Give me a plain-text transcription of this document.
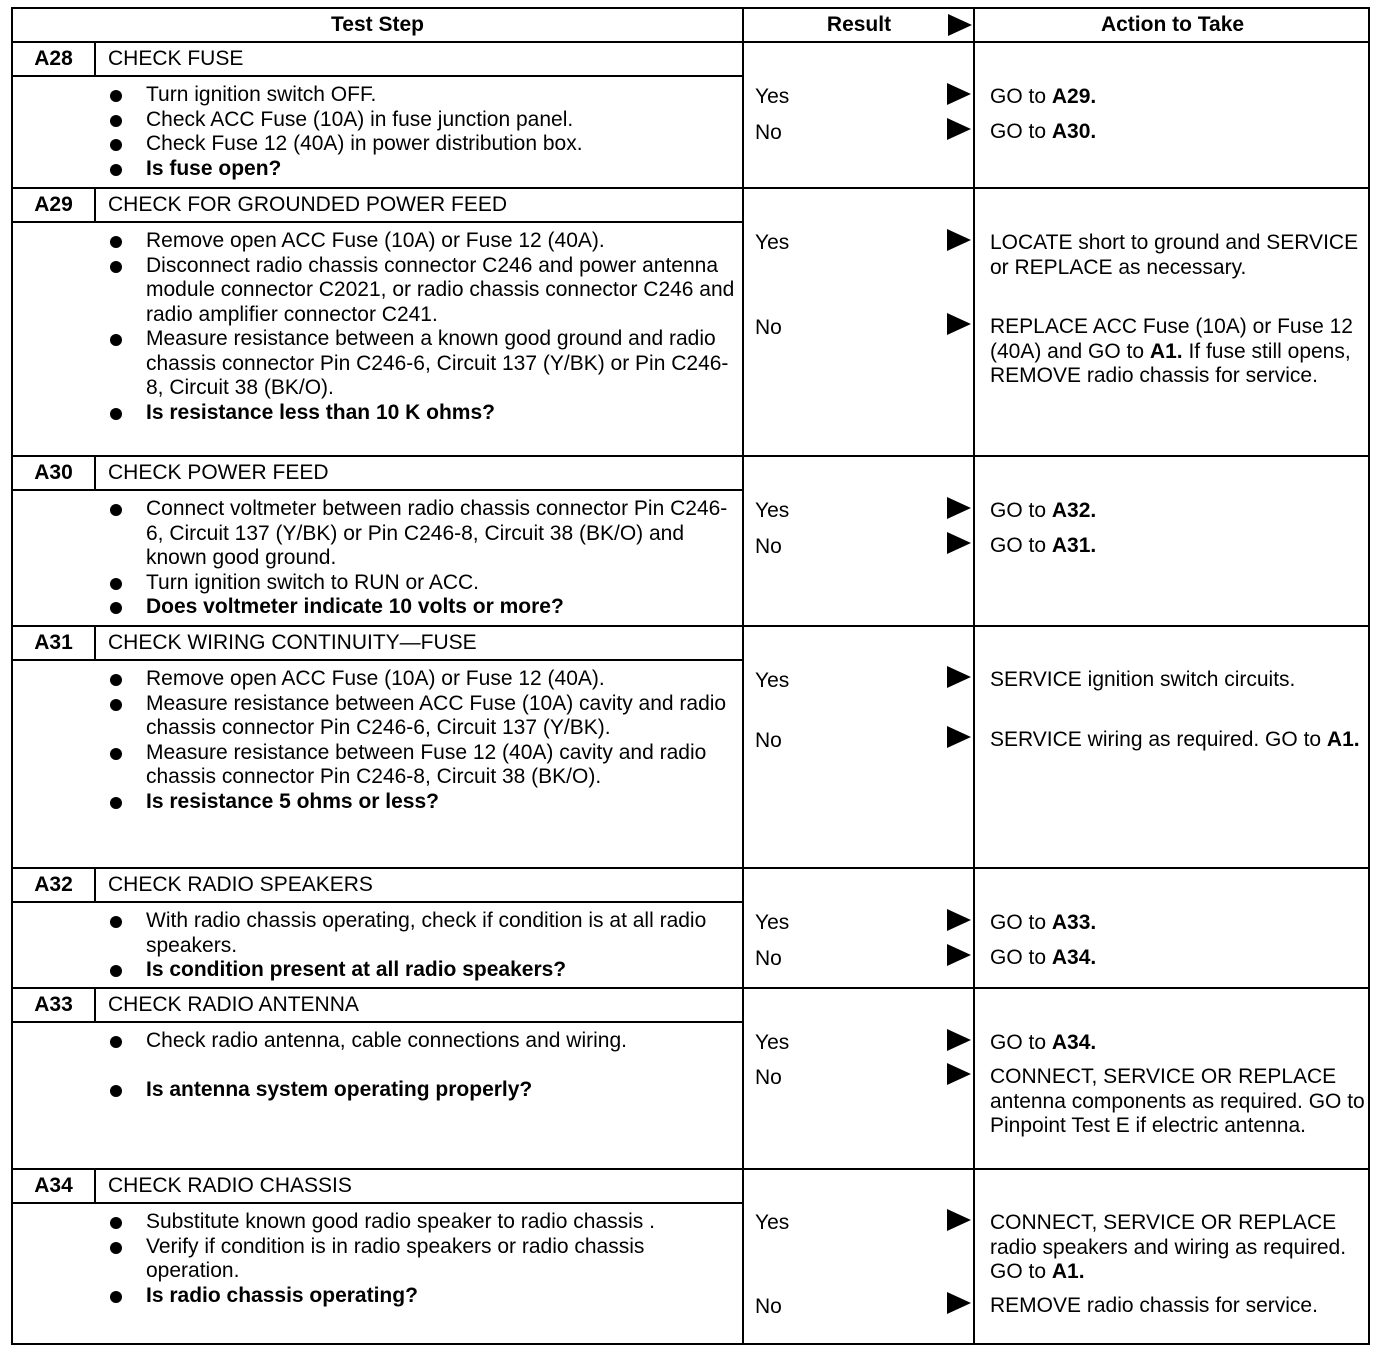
Test Step	Result	Action to Take
A28	CHECK FUSE
Turn ignition switch OFF.
Check ACC Fuse (10A) in fuse junction panel.
Check Fuse 12 (40A) in power distribution box.
Is fuse open?
Yes	GO to A29.
No	GO to A30.
A29	CHECK FOR GROUNDED POWER FEED
Remove open ACC Fuse (10A) or Fuse 12 (40A).
Disconnect radio chassis connector C246 and power antenna module connector C2021, or radio chassis connector C246 and radio amplifier connector C241.
Measure resistance between a known good ground and radio chassis connector Pin C246-6, Circuit 137 (Y/BK) or Pin C246-8, Circuit 38 (BK/O).
Is resistance less than 10 K ohms?
Yes	LOCATE short to ground and SERVICE or REPLACE as necessary.
No	REPLACE ACC Fuse (10A) or Fuse 12 (40A) and GO to A1. If fuse still opens, REMOVE radio chassis for service.
A30	CHECK POWER FEED
Connect voltmeter between radio chassis connector Pin C246-6, Circuit 137 (Y/BK) or Pin C246-8, Circuit 38 (BK/O) and known good ground.
Turn ignition switch to RUN or ACC.
Does voltmeter indicate 10 volts or more?
Yes	GO to A32.
No	GO to A31.
A31	CHECK WIRING CONTINUITY—FUSE
Remove open ACC Fuse (10A) or Fuse 12 (40A).
Measure resistance between ACC Fuse (10A) cavity and radio chassis connector Pin C246-6, Circuit 137 (Y/BK).
Measure resistance between Fuse 12 (40A) cavity and radio chassis connector Pin C246-8, Circuit 38 (BK/O).
Is resistance 5 ohms or less?
Yes	SERVICE ignition switch circuits.
No	SERVICE wiring as required. GO to A1.
A32	CHECK RADIO SPEAKERS
With radio chassis operating, check if condition is at all radio speakers.
Is condition present at all radio speakers?
Yes	GO to A33.
No	GO to A34.
A33	CHECK RADIO ANTENNA
Check radio antenna, cable connections and wiring.
Is antenna system operating properly?
Yes	GO to A34.
No	CONNECT, SERVICE OR REPLACE antenna components as required. GO to Pinpoint Test E if electric antenna.
A34	CHECK RADIO CHASSIS
Substitute known good radio speaker to radio chassis .
Verify if condition is in radio speakers or radio chassis operation.
Is radio chassis operating?
Yes	CONNECT, SERVICE OR REPLACE radio speakers and wiring as required. GO to A1.
No	REMOVE radio chassis for service.
